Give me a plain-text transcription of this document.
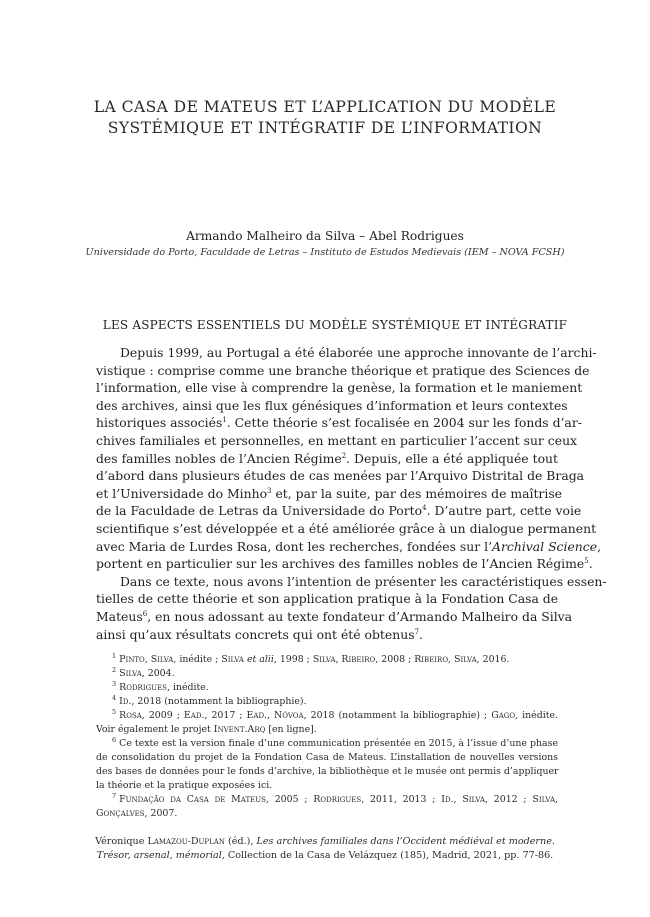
LA CASA DE MATEUS ET L’APPLICATION DU MODÈLE
SYSTÉMIQUE ET INTÉGRATIF DE L’INFORMATION
Armando Malheiro da Silva – Abel Rodrigues
Universidade do Porto, Faculdade de Letras – Instituto de Estudos Medievais (IEM – NOVA FCSH)
LES ASPECTS ESSENTIELS DU MODÈLE SYSTÉMIQUE ET INTÉGRATIF
Depuis 1999, au Portugal a été élaborée une approche innovante de l’archi-
vistique : comprise comme une branche théorique et pratique des Sciences de
l’information, elle vise à comprendre la genèse, la formation et le maniement
des archives, ainsi que les flux génésiques d’information et leurs contextes
historiques associés$^1$. Cette théorie s’est focalisée en 2004 sur les fonds d’ar-
chives familiales et personnelles, en mettant en particulier l’accent sur ceux
des familles nobles de l’Ancien Régime$^2$. Depuis, elle a été appliquée tout
d’abord dans plusieurs études de cas menées par l’Arquivo Distrital de Braga
et l’Universidade do Minho$^3$ et, par la suite, par des mémoires de maîtrise
de la Faculdade de Letras da Universidade do Porto$^4$. D’autre part, cette voie
scientifique s’est développée et a été améliorée grâce à un dialogue permanent
avec Maria de Lurdes Rosa, dont les recherches, fondées sur l’Archival Science,
portent en particulier sur les archives des familles nobles de l’Ancien Régime$^5$.
Dans ce texte, nous avons l’intention de présenter les caractéristiques essen-
tielles de cette théorie et son application pratique à la Fondation Casa de
Mateus$^6$, en nous adossant au texte fondateur d’Armando Malheiro da Silva
ainsi qu’aux résultats concrets qui ont été obtenus$^7$.
$^1$ Pinto, Silva, inédite ; Silva et alii, 1998 ; Silva, Ribeiro, 2008 ; Ribeiro, Silva, 2016.
$^2$ Silva, 2004.
$^3$ Rodrigues, inédite.
$^4$ Id., 2018 (notamment la bibliographie).
$^5$ Rosa, 2009 ; Ead., 2017 ; Ead., Nóvoa, 2018 (notamment la bibliographie) ; Gago, inédite.
Voir également le projet Invent.Arq [en ligne].
$^6$ Ce texte est la version finale d’une communication présentée en 2015, à l’issue d’une phase
de consolidation du projet de la Fondation Casa de Mateus. L’installation de nouvelles versions
des bases de données pour le fonds d’archive, la bibliothèque et le musée ont permis d’appliquer
la théorie et la pratique exposées ici.
$^7$ Fundação da Casa de Mateus, 2005 ; Rodrigues, 2011, 2013 ; Id., Silva, 2012 ; Silva,
Gonçalves, 2007.
Véronique Lamazou-Duplan (éd.), Les archives familiales dans l’Occident médiéval et moderne.
Trésor, arsenal, mémorial, Collection de la Casa de Velázquez (185), Madrid, 2021, pp. 77-86.
